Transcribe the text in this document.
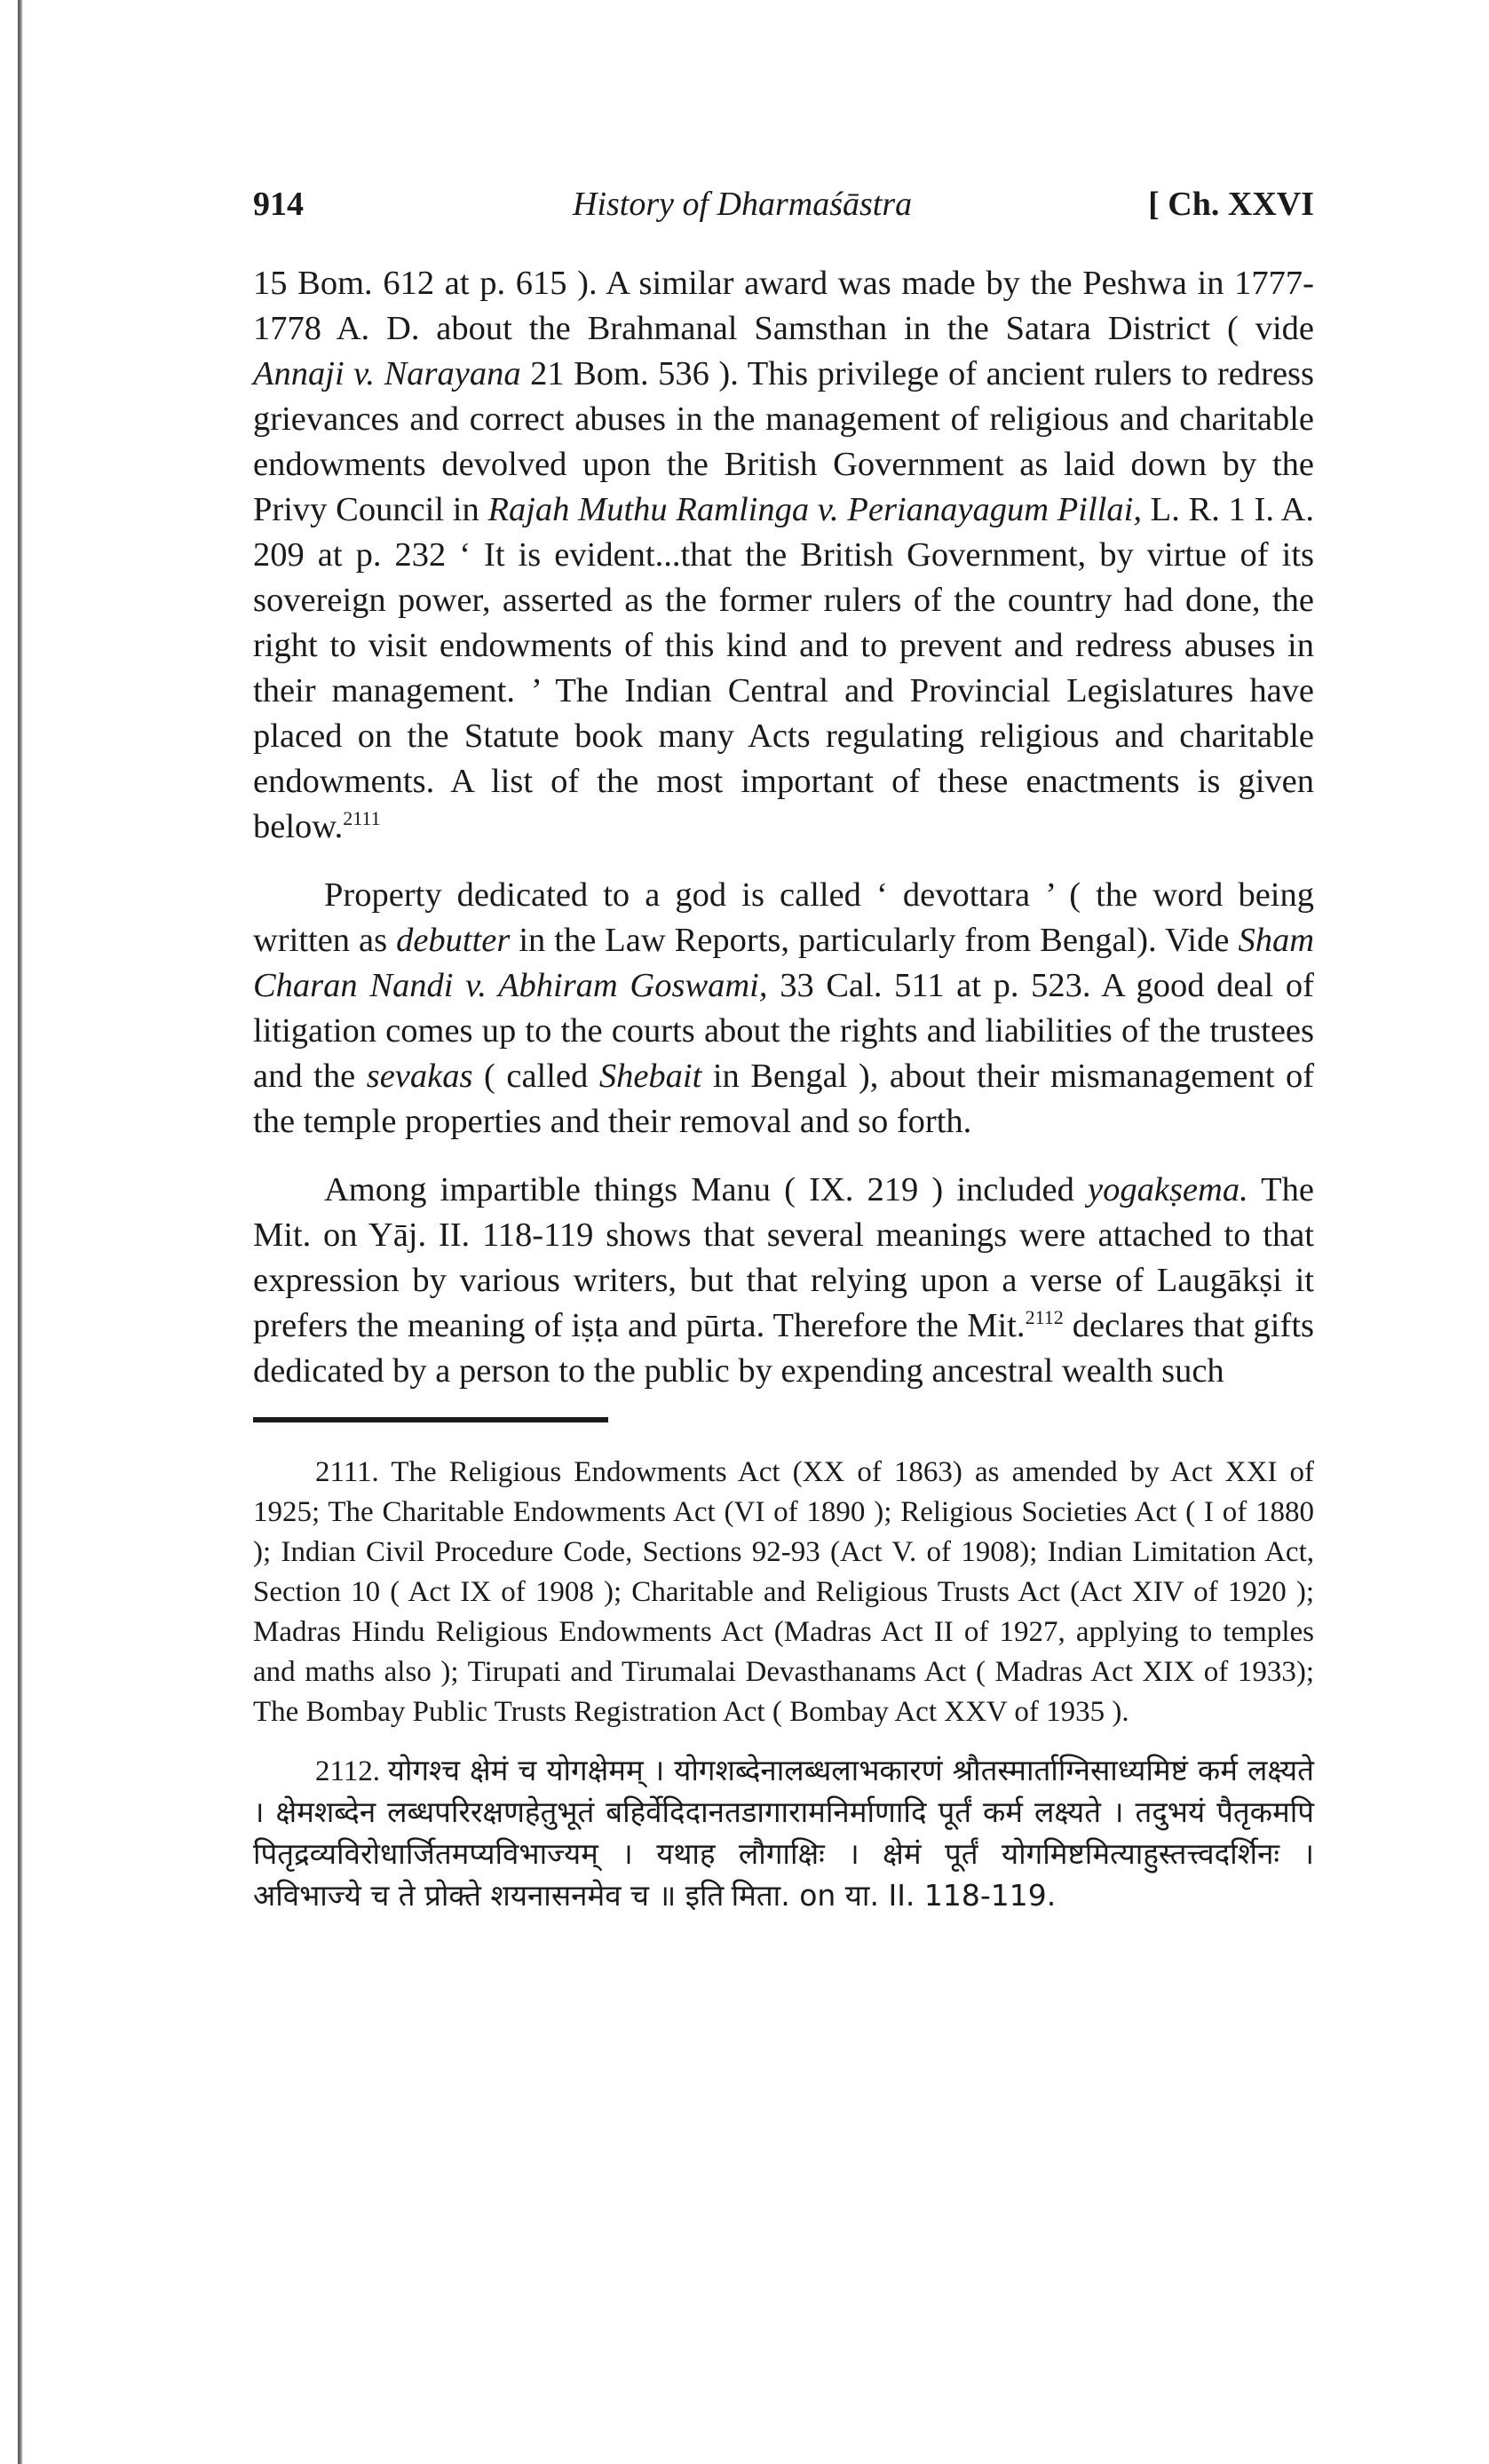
914	History of Dharmaśāstra	[ Ch. XXVI

15 Bom. 612 at p. 615 ). A similar award was made by the Peshwa in 1777-1778 A. D. about the Brahmanal Samsthan in the Satara District ( vide Annaji v. Narayana 21 Bom. 536 ). This privilege of ancient rulers to redress grievances and correct abuses in the management of religious and charitable endowments devolved upon the British Government as laid down by the Privy Council in Rajah Muthu Ramlinga v. Perianayagum Pillai, L. R. 1 I. A. 209 at p. 232 ‘ It is evident...that the British Government, by virtue of its sovereign power, asserted as the former rulers of the country had done, the right to visit endowments of this kind and to prevent and redress abuses in their management. ’ The Indian Central and Provincial Legislatures have placed on the Statute book many Acts regulating religious and charitable endowments. A list of the most important of these enactments is given below.$^{2111}$

Property dedicated to a god is called ‘ devottara ’ ( the word being written as debutter in the Law Reports, particularly from Bengal). Vide Sham Charan Nandi v. Abhiram Goswami, 33 Cal. 511 at p. 523. A good deal of litigation comes up to the courts about the rights and liabilities of the trustees and the sevakas ( called Shebait in Bengal ), about their mismanagement of the temple properties and their removal and so forth.

Among impartible things Manu ( IX. 219 ) included yogakṣema. The Mit. on Yāj. II. 118-119 shows that several meanings were attached to that expression by various writers, but that relying upon a verse of Laugākṣi it prefers the meaning of iṣṭa and pūrta. Therefore the Mit.$^{2112}$ declares that gifts dedicated by a person to the public by expending ancestral wealth such

2111. The Religious Endowments Act (XX of 1863) as amended by Act XXI of 1925; The Charitable Endowments Act (VI of 1890 ); Religious Societies Act ( I of 1880 ); Indian Civil Procedure Code, Sections 92-93 (Act V. of 1908); Indian Limitation Act, Section 10 ( Act IX of 1908 ); Charitable and Religious Trusts Act (Act XIV of 1920 ); Madras Hindu Religious Endowments Act (Madras Act II of 1927, applying to temples and maths also ); Tirupati and Tirumalai Devasthanams Act ( Madras Act XIX of 1933); The Bombay Public Trusts Registration Act ( Bombay Act XXV of 1935 ).

2112. योगश्च क्षेमं च योगक्षेमम् । योगशब्देनालब्धलाभकारणं श्रौतस्मार्ताग्निसाध्यमिष्टं कर्म लक्ष्यते । क्षेमशब्देन लब्धपरिरक्षणहेतुभूतं बहिर्वेदिदानतडागारामनिर्माणादि पूर्तं कर्म लक्ष्यते । तदुभयं पैतृकमपि पितृद्रव्यविरोधार्जितमप्यविभाज्यम् । यथाह लौगाक्षिः । क्षेमं पूर्तं योगमिष्टमित्याहुस्तत्त्वदर्शिनः । अविभाज्ये च ते प्रोक्ते शयनासनमेव च ॥ इति मिता. on या. II. 118-119.
